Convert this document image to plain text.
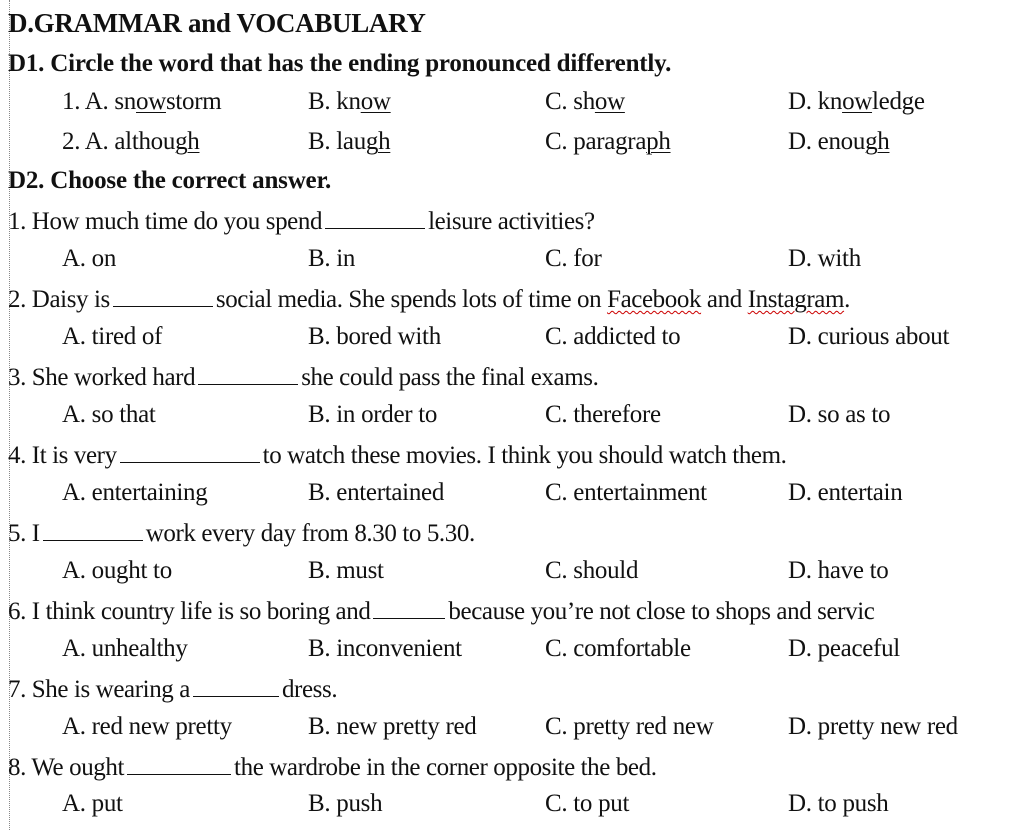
D.GRAMMAR and VOCABULARY
D1. Circle the word that has the ending pronounced differently.
1. A. snowstorm	B. know	C. show	D. knowledge
2. A. although	B. laugh	C. paragraph	D. enough
D2. Choose the correct answer.
1. How much time do you spend	leisure activities?
A. on	B. in	C. for	D. with
2. Daisy is	social media. She spends lots of time on Facebook and Instagram.
A. tired of	B. bored with	C. addicted to	D. curious about
3. She worked hard	she could pass the final exams.
A. so that	B. in order to	C. therefore	D. so as to
4. It is very	to watch these movies. I think you should watch them.
A. entertaining	B. entertained	C. entertainment	D. entertain
5. I	work every day from 8.30 to 5.30.
A. ought to	B. must	C. should	D. have to
6. I think country life is so boring and	because you’re not close to shops and servic
A. unhealthy	B. inconvenient	C. comfortable	D. peaceful
7. She is wearing a	dress.
A. red new pretty	B. new pretty red	C. pretty red new	D. pretty new red
8. We ought	the wardrobe in the corner opposite the bed.
A. put	B. push	C. to put	D. to push
